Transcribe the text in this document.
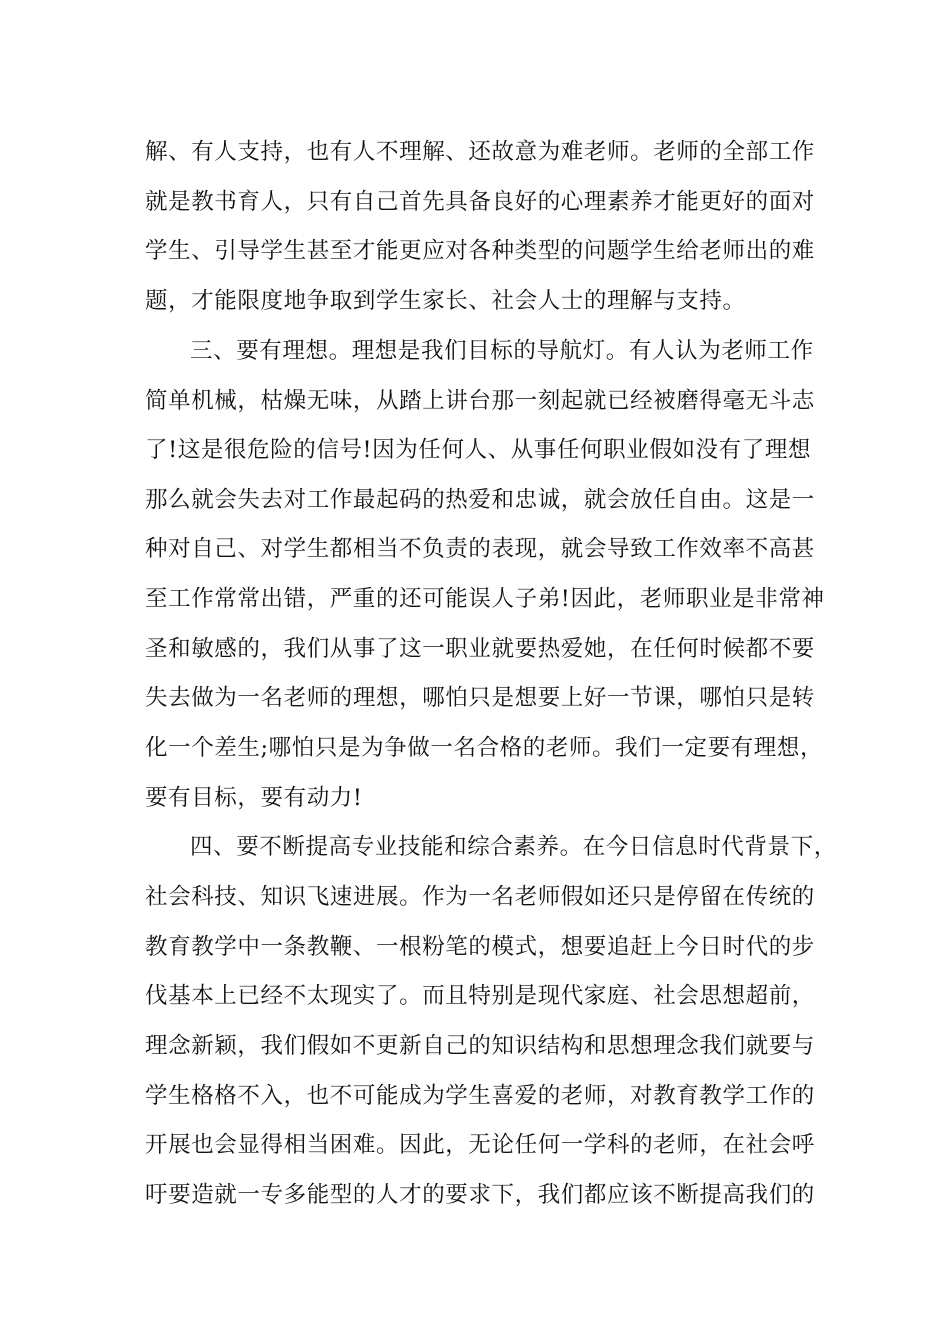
解、有人支持，也有人不理解、还故意为难老师。老师的全部工作
就是教书育人，只有自己首先具备良好的心理素养才能更好的面对
学生、引导学生甚至才能更应对各种类型的问题学生给老师出的难
题，才能限度地争取到学生家长、社会人士的理解与支持。
三、要有理想。理想是我们目标的导航灯。有人认为老师工作
简单机械，枯燥无味，从踏上讲台那一刻起就已经被磨得毫无斗志
了!这是很危险的信号!因为任何人、从事任何职业假如没有了理想
那么就会失去对工作最起码的热爱和忠诚，就会放任自由。这是一
种对自己、对学生都相当不负责的表现，就会导致工作效率不高甚
至工作常常出错，严重的还可能误人子弟!因此，老师职业是非常神
圣和敏感的，我们从事了这一职业就要热爱她，在任何时候都不要
失去做为一名老师的理想，哪怕只是想要上好一节课，哪怕只是转
化一个差生;哪怕只是为争做一名合格的老师。我们一定要有理想，
要有目标，要有动力!
四、要不断提高专业技能和综合素养。在今日信息时代背景下，
社会科技、知识飞速进展。作为一名老师假如还只是停留在传统的
教育教学中一条教鞭、一根粉笔的模式，想要追赶上今日时代的步
伐基本上已经不太现实了。而且特别是现代家庭、社会思想超前，
理念新颖，我们假如不更新自己的知识结构和思想理念我们就要与
学生格格不入，也不可能成为学生喜爱的老师，对教育教学工作的
开展也会显得相当困难。因此，无论任何一学科的老师，在社会呼
吁要造就一专多能型的人才的要求下，我们都应该不断提高我们的
